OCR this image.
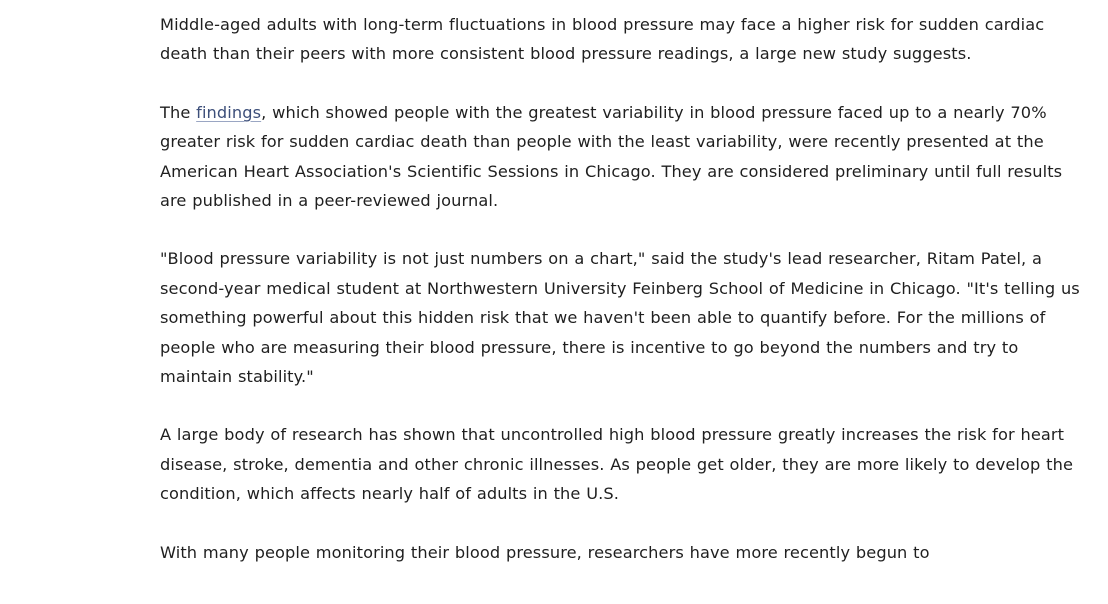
Middle-aged adults with long-term fluctuations in blood pressure may face a higher risk for sudden cardiac death than their peers with more consistent blood pressure readings, a large new study suggests.

The findings, which showed people with the greatest variability in blood pressure faced up to a nearly 70% greater risk for sudden cardiac death than people with the least variability, were recently presented at the American Heart Association's Scientific Sessions in Chicago. They are considered preliminary until full results are published in a peer-reviewed journal.

"Blood pressure variability is not just numbers on a chart," said the study's lead researcher, Ritam Patel, a second-year medical student at Northwestern University Feinberg School of Medicine in Chicago. "It's telling us something powerful about this hidden risk that we haven't been able to quantify before. For the millions of people who are measuring their blood pressure, there is incentive to go beyond the numbers and try to maintain stability."

A large body of research has shown that uncontrolled high blood pressure greatly increases the risk for heart disease, stroke, dementia and other chronic illnesses. As people get older, they are more likely to develop the condition, which affects nearly half of adults in the U.S.

With many people monitoring their blood pressure, researchers have more recently begun to
